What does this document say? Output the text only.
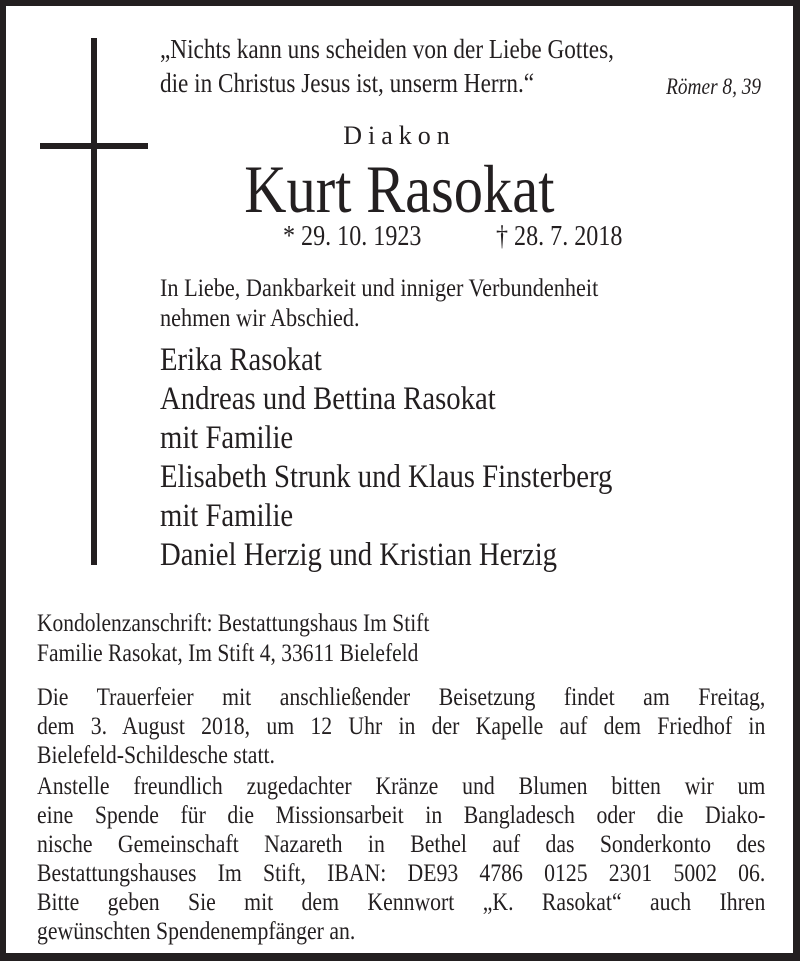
„Nichts kann uns scheiden von der Liebe Gottes,
die in Christus Jesus ist, unserm Herrn.“	Römer 8, 39
Diakon
Kurt Rasokat
* 29. 10. 1923	† 28. 7. 2018
In Liebe, Dankbarkeit und inniger Verbundenheit
nehmen wir Abschied.
Erika Rasokat
Andreas und Bettina Rasokat
mit Familie
Elisabeth Strunk und Klaus Finsterberg
mit Familie
Daniel Herzig und Kristian Herzig
Kondolenzanschrift: Bestattungshaus Im Stift
Familie Rasokat, Im Stift 4, 33611 Bielefeld
Die Trauerfeier mit anschließender Beisetzung findet am Freitag,
dem 3. August 2018, um 12 Uhr in der Kapelle auf dem Friedhof in
Bielefeld-Schildesche statt.
Anstelle freundlich zugedachter Kränze und Blumen bitten wir um
eine Spende für die Missionsarbeit in Bangladesch oder die Diako-
nische Gemeinschaft Nazareth in Bethel auf das Sonderkonto des
Bestattungshauses Im Stift, IBAN: DE93 4786 0125 2301 5002 06.
Bitte geben Sie mit dem Kennwort „K. Rasokat“ auch Ihren
gewünschten Spendenempfänger an.
